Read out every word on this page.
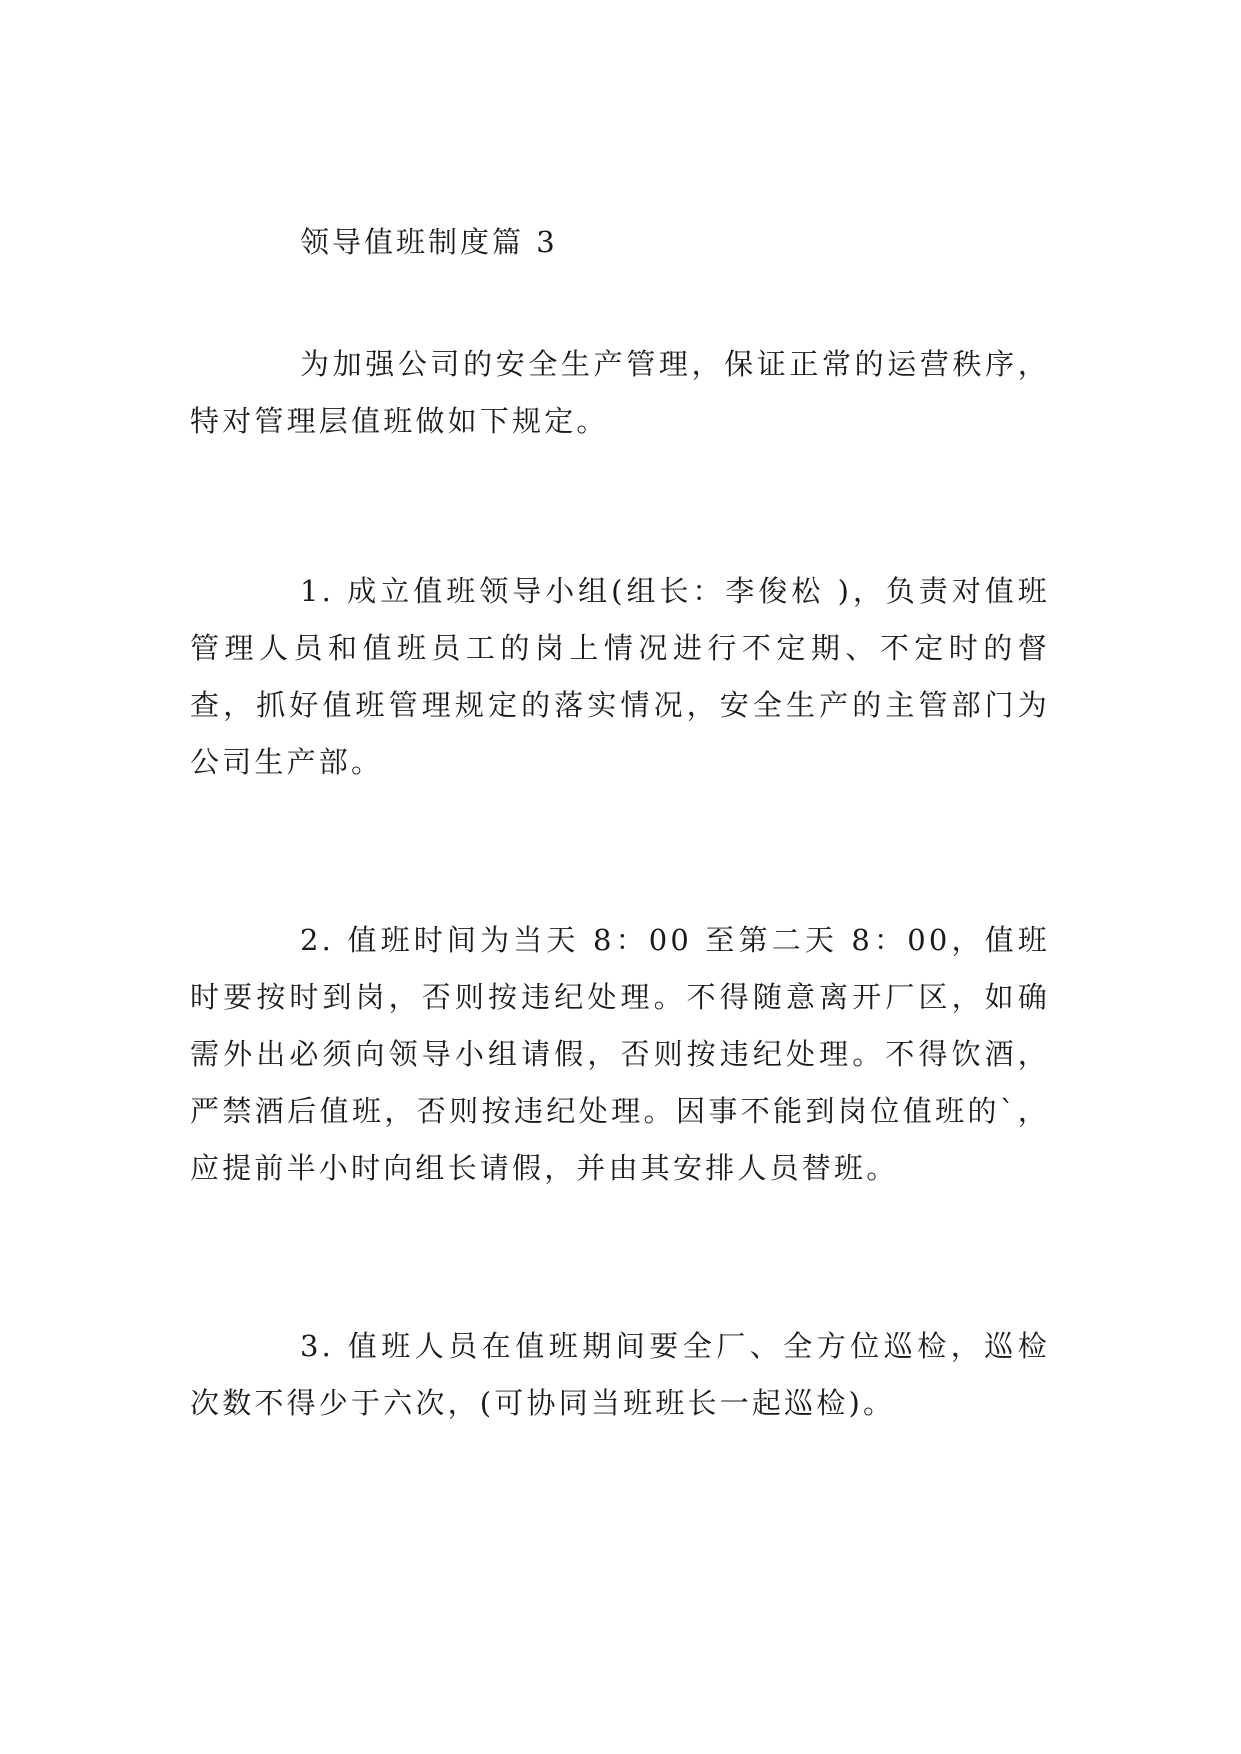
领导值班制度篇 3

为加强公司的安全生产管理，保证正常的运营秩序，特对管理层值班做如下规定。

1. 成立值班领导小组(组长：李俊松 )，负责对值班管理人员和值班员工的岗上情况进行不定期、不定时的督查，抓好值班管理规定的落实情况，安全生产的主管部门为公司生产部。

2. 值班时间为当天 8：00 至第二天 8：00，值班时要按时到岗，否则按违纪处理。不得随意离开厂区，如确需外出必须向领导小组请假，否则按违纪处理。不得饮酒，严禁酒后值班，否则按违纪处理。因事不能到岗位值班的`，应提前半小时向组长请假，并由其安排人员替班。

3. 值班人员在值班期间要全厂、全方位巡检，巡检次数不得少于六次，(可协同当班班长一起巡检)。
